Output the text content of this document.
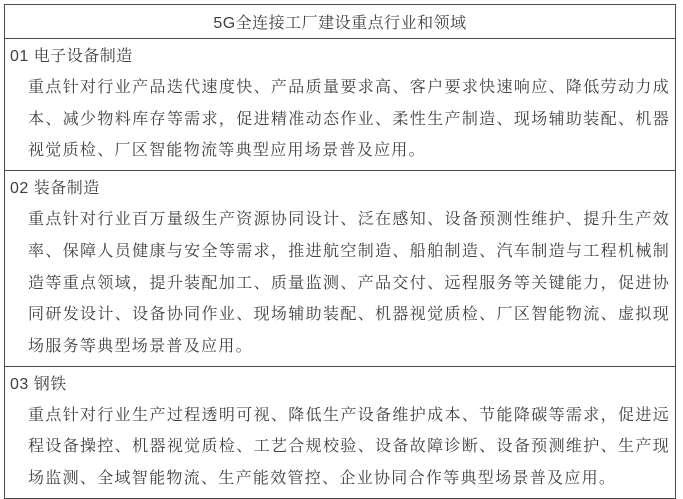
5G全连接工厂建设重点行业和领域
01 电子设备制造

重点针对行业产品迭代速度快、产品质量要求高、客户要求快速响应、降低劳动力成本、减少物料库存等需求，促进精准动态作业、柔性生产制造、现场辅助装配、机器视觉质检、厂区智能物流等典型应用场景普及应用。

02 装备制造

重点针对行业百万量级生产资源协同设计、泛在感知、设备预测性维护、提升生产效率、保障人员健康与安全等需求，推进航空制造、船舶制造、汽车制造与工程机械制造等重点领域，提升装配加工、质量监测、产品交付、远程服务等关键能力，促进协同研发设计、设备协同作业、现场辅助装配、机器视觉质检、厂区智能物流、虚拟现场服务等典型场景普及应用。

03 钢铁

重点针对行业生产过程透明可视、降低生产设备维护成本、节能降碳等需求，促进远程设备操控、机器视觉质检、工艺合规校验、设备故障诊断、设备预测维护、生产现场监测、全域智能物流、生产能效管控、企业协同合作等典型场景普及应用。
